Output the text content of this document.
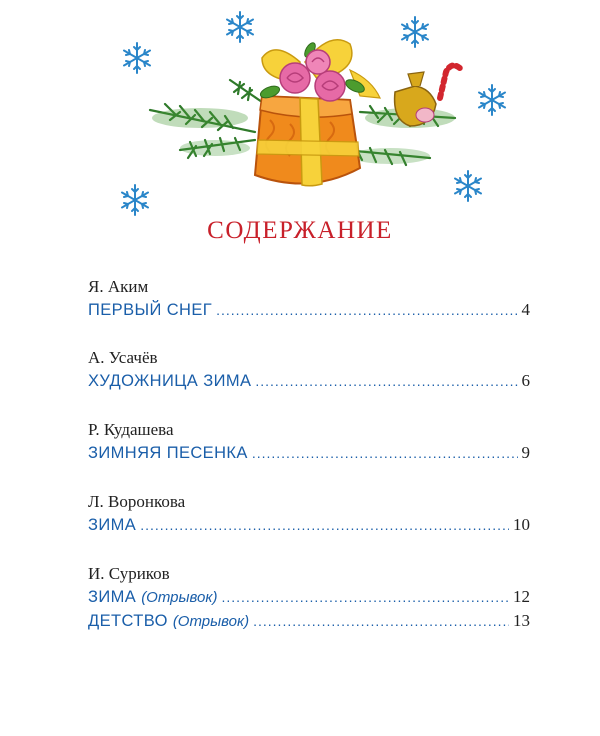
СОДЕРЖАНИЕ
Я. Аким
ПЕРВЫЙ СНЕГ .....	4
А. Усачёв
ХУДОЖНИЦА ЗИМА .....	6
Р. Кудашева
ЗИМНЯЯ ПЕСЕНКА .....	9
Л. Воронкова
ЗИМА .....	10
И. Суриков
ЗИМА (Отрывок) .....	12
ДЕТСТВО (Отрывок) .....	13
